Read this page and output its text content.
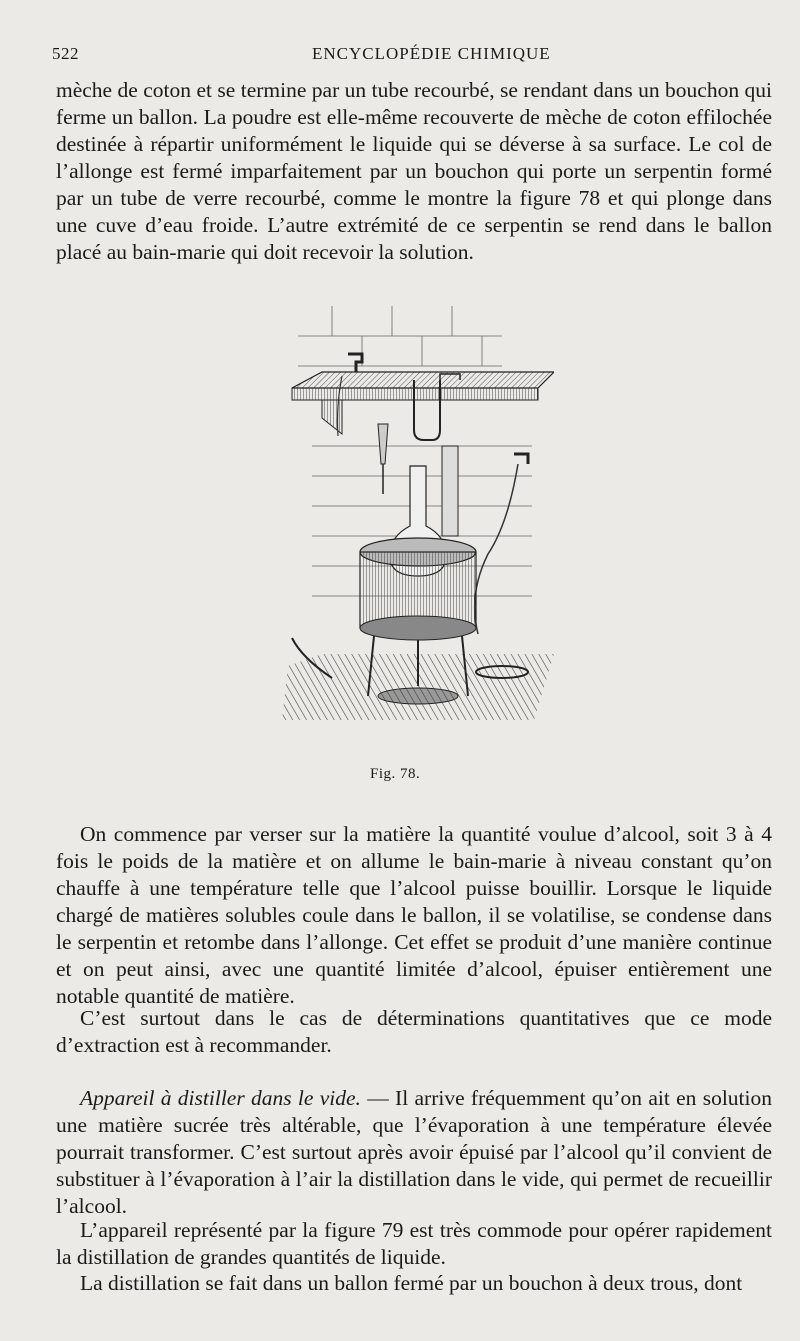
522	ENCYCLOPÉDIE CHIMIQUE

mèche de coton et se termine par un tube recourbé, se rendant dans un bouchon qui ferme un ballon. La poudre est elle-même recouverte de mèche de coton effilochée destinée à répartir uniformément le liquide qui se déverse à sa surface. Le col de l’allonge est fermé imparfaitement par un bouchon qui porte un serpentin formé par un tube de verre recourbé, comme le montre la figure 78 et qui plonge dans une cuve d’eau froide. L’autre extrémité de ce serpentin se rend dans le ballon placé au bain-marie qui doit recevoir la solution.

Fig. 78.

On commence par verser sur la matière la quantité voulue d’alcool, soit 3 à 4 fois le poids de la matière et on allume le bain-marie à niveau constant qu’on chauffe à une température telle que l’alcool puisse bouillir. Lorsque le liquide chargé de matières solubles coule dans le ballon, il se volatilise, se condense dans le serpentin et retombe dans l’allonge. Cet effet se produit d’une manière continue et on peut ainsi, avec une quantité limitée d’alcool, épuiser entièrement une notable quantité de matière.

C’est surtout dans le cas de déterminations quantitatives que ce mode d’extraction est à recommander.

Appareil à distiller dans le vide. — Il arrive fréquemment qu’on ait en solution une matière sucrée très altérable, que l’évaporation à une température élevée pourrait transformer. C’est surtout après avoir épuisé par l’alcool qu’il convient de substituer à l’évaporation à l’air la distillation dans le vide, qui permet de recueillir l’alcool.

L’appareil représenté par la figure 79 est très commode pour opérer rapidement la distillation de grandes quantités de liquide.

La distillation se fait dans un ballon fermé par un bouchon à deux trous, dont
